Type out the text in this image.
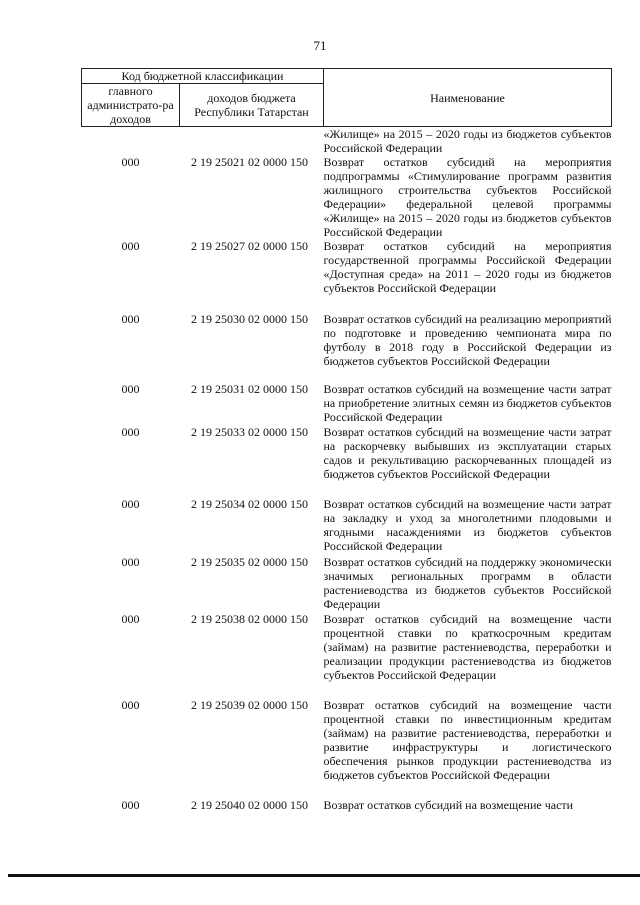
71
Код бюджетной классификации		Наименование
главного администрато-ра доходов	доходов бюджета Республики Татарстан	
		«Жилище» на 2015 – 2020 годы из бюджетов субъектов Российской Федерации
000	2 19 25021 02 0000 150	Возврат остатков субсидий на мероприятия подпрограммы «Стимулирование программ развития жилищного строительства субъектов Российской Федерации» федеральной целевой программы «Жилище» на 2015 – 2020 годы из бюджетов субъектов Российской Федерации
000	2 19 25027 02 0000 150	Возврат остатков субсидий на мероприятия государственной программы Российской Федерации «Доступная среда» на 2011 – 2020 годы из бюджетов субъектов Российской Федерации
000	2 19 25030 02 0000 150	Возврат остатков субсидий на реализацию мероприятий по подготовке и проведению чемпионата мира по футболу в 2018 году в Российской Федерации из бюджетов субъектов Российской Федерации
000	2 19 25031 02 0000 150	Возврат остатков субсидий на возмещение части затрат на приобретение элитных семян из бюджетов субъектов Российской Федерации
000	2 19 25033 02 0000 150	Возврат остатков субсидий на возмещение части затрат на раскорчевку выбывших из эксплуатации старых садов и рекультивацию раскорчеванных площадей из бюджетов субъектов Российской Федерации
000	2 19 25034 02 0000 150	Возврат остатков субсидий на возмещение части затрат на закладку и уход за многолетними плодовыми и ягодными насаждениями из бюджетов субъектов Российской Федерации
000	2 19 25035 02 0000 150	Возврат остатков субсидий на поддержку экономически значимых региональных программ в области растениеводства из бюджетов субъектов Российской Федерации
000	2 19 25038 02 0000 150	Возврат остатков субсидий на возмещение части процентной ставки по краткосрочным кредитам (займам) на развитие растениеводства, переработки и реализации продукции растениеводства из бюджетов субъектов Российской Федерации
000	2 19 25039 02 0000 150	Возврат остатков субсидий на возмещение части процентной ставки по инвестиционным кредитам (займам) на развитие растениеводства, переработки и развитие инфраструктуры и логистического обеспечения рынков продукции растениеводства из бюджетов субъектов Российской Федерации
000	2 19 25040 02 0000 150	Возврат остатков субсидий на возмещение части
